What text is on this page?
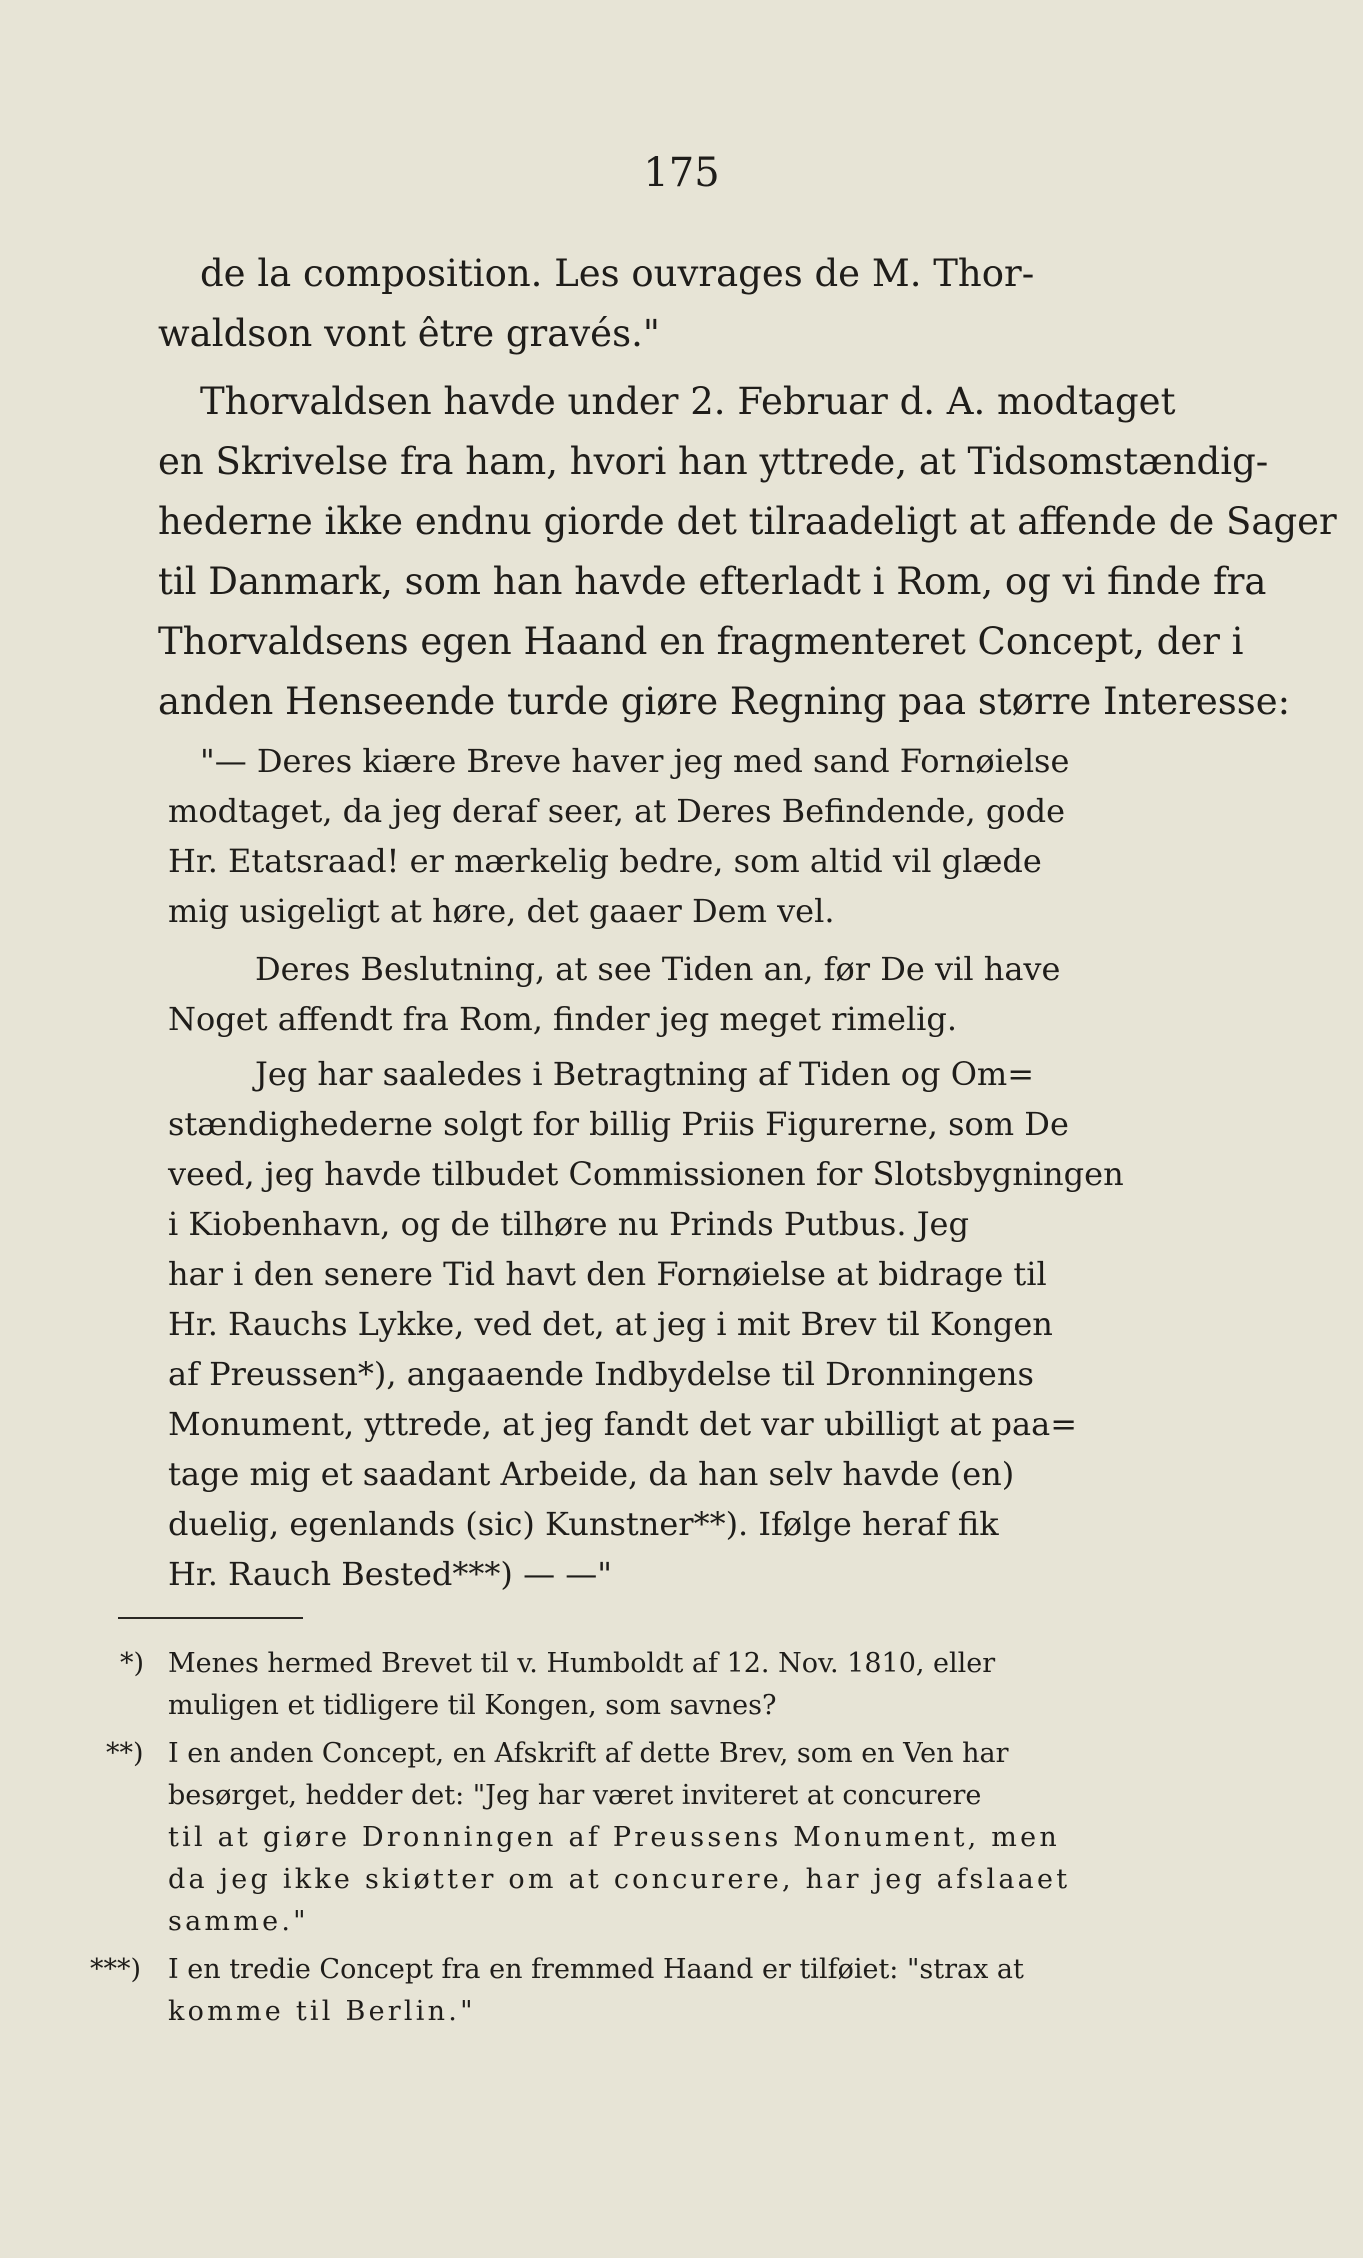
175
de la composition. Les ouvrages de M. Thor-
waldson vont être gravés."
Thorvaldsen havde under 2. Februar d. A. modtaget
en Skrivelse fra ham, hvori han yttrede, at Tidsomstændig-
hederne ikke endnu giorde det tilraadeligt at affende de Sager
til Danmark, som han havde efterladt i Rom, og vi finde fra
Thorvaldsens egen Haand en fragmenteret Concept, der i
anden Henseende turde giøre Regning paa større Interesse:
"— Deres kiære Breve haver jeg med sand Fornøielse
modtaget, da jeg deraf seer, at Deres Befindende, gode
Hr. Etatsraad! er mærkelig bedre, som altid vil glæde
mig usigeligt at høre, det gaaer Dem vel.
Deres Beslutning, at see Tiden an, før De vil have
Noget affendt fra Rom, finder jeg meget rimelig.
Jeg har saaledes i Betragtning af Tiden og Om=
stændighederne solgt for billig Priis Figurerne, som De
veed, jeg havde tilbudet Commissionen for Slotsbygningen
i Kiobenhavn, og de tilhøre nu Prinds Putbus. Jeg
har i den senere Tid havt den Fornøielse at bidrage til
Hr. Rauchs Lykke, ved det, at jeg i mit Brev til Kongen
af Preussen*), angaaende Indbydelse til Dronningens
Monument, yttrede, at jeg fandt det var ubilligt at paa=
tage mig et saadant Arbeide, da han selv havde (en)
duelig, egenlands (sic) Kunstner**). Ifølge heraf fik
Hr. Rauch Bested***) — —"
*) Menes hermed Brevet til v. Humboldt af 12. Nov. 1810, eller
muligen et tidligere til Kongen, som savnes?
**) I en anden Concept, en Afskrift af dette Brev, som en Ven har
besørget, hedder det: "Jeg har været inviteret at concurere
til at giøre Dronningen af Preussens Monument, men
da jeg ikke skiøtter om at concurere, har jeg afslaaet
samme."
***) I en tredie Concept fra en fremmed Haand er tilføiet: "strax at
komme til Berlin."
